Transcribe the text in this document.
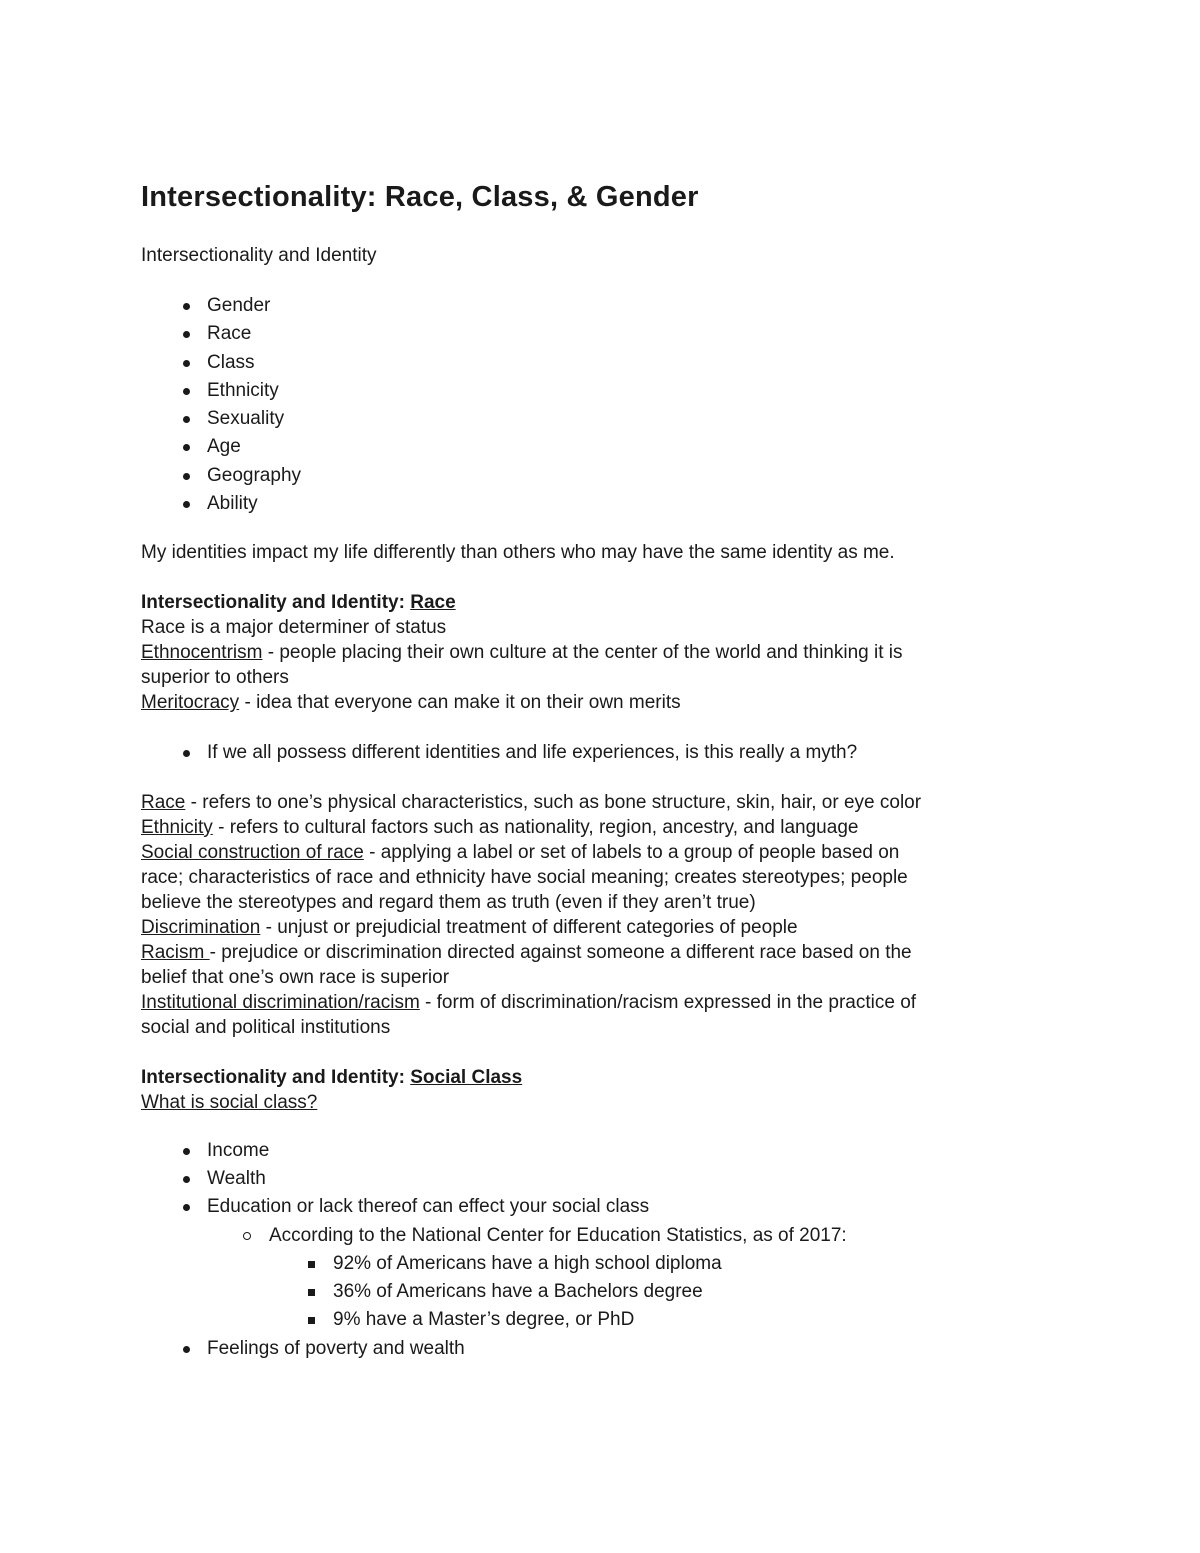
Intersectionality: Race, Class, & Gender

Intersectionality and Identity

Gender
Race
Class
Ethnicity
Sexuality
Age
Geography
Ability

My identities impact my life differently than others who may have the same identity as me.

Intersectionality and Identity: Race

Race is a major determiner of status

Ethnocentrism - people placing their own culture at the center of the world and thinking it is
superior to others

Meritocracy - idea that everyone can make it on their own merits

If we all possess different identities and life experiences, is this really a myth?

Race - refers to one’s physical characteristics, such as bone structure, skin, hair, or eye color

Ethnicity - refers to cultural factors such as nationality, region, ancestry, and language

Social construction of race - applying a label or set of labels to a group of people based on
race; characteristics of race and ethnicity have social meaning; creates stereotypes; people
believe the stereotypes and regard them as truth (even if they aren’t true)

Discrimination - unjust or prejudicial treatment of different categories of people

Racism - prejudice or discrimination directed against someone a different race based on the
belief that one’s own race is superior

Institutional discrimination/racism - form of discrimination/racism expressed in the practice of
social and political institutions

Intersectionality and Identity: Social Class

What is social class?

Income
Wealth
Education or lack thereof can effect your social class
According to the National Center for Education Statistics, as of 2017:
92% of Americans have a high school diploma
36% of Americans have a Bachelors degree
9% have a Master’s degree, or PhD
Feelings of poverty and wealth
